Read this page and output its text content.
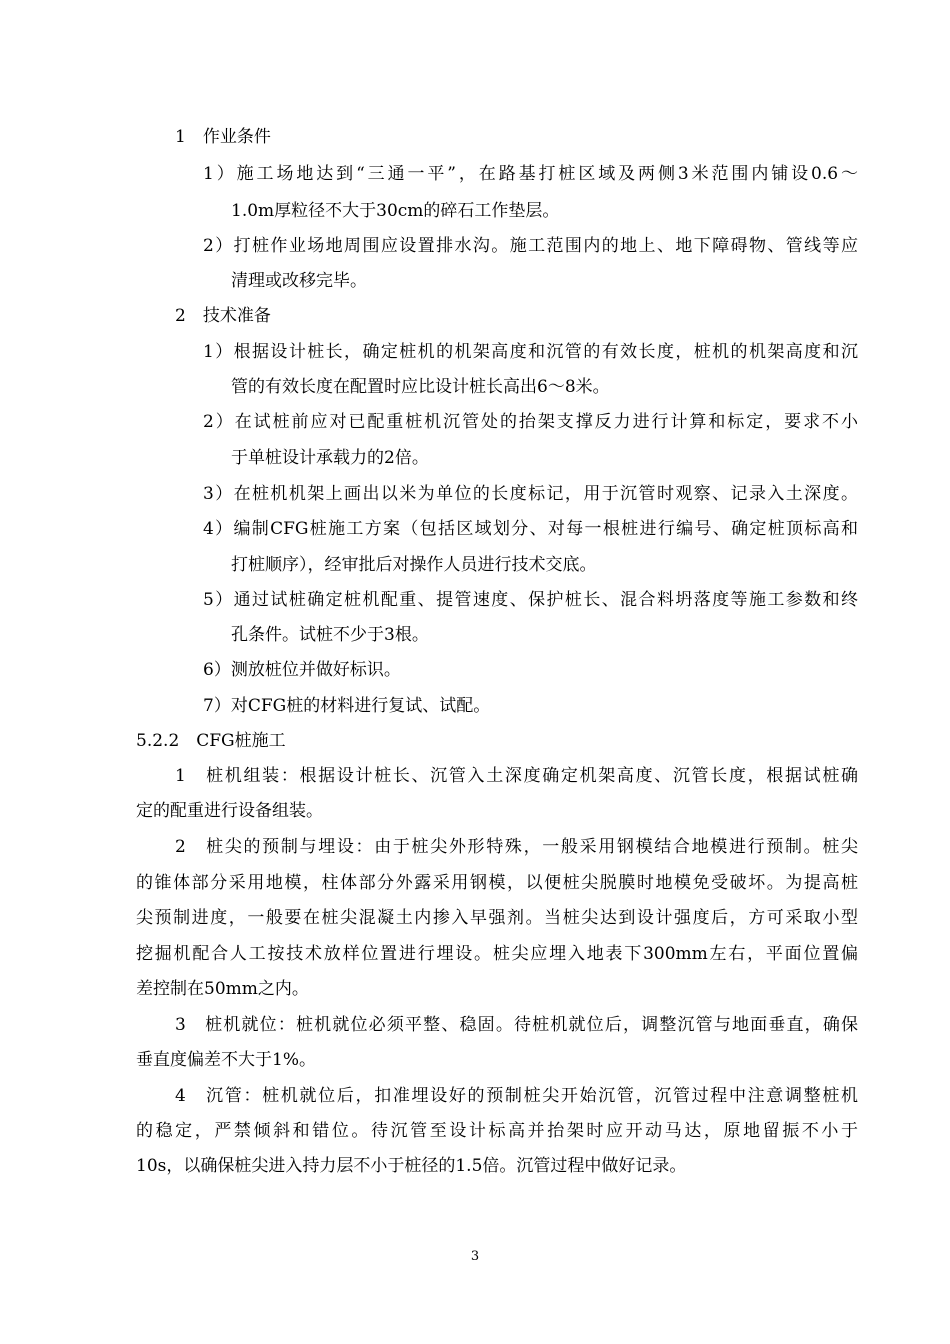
1　作业条件
1）施工场地达到“三通一平”，在路基打桩区域及两侧3米范围内铺设0.6～
1.0m厚粒径不大于30cm的碎石工作垫层。
2）打桩作业场地周围应设置排水沟。施工范围内的地上、地下障碍物、管线等应
清理或改移完毕。
2　技术准备
1）根据设计桩长，确定桩机的机架高度和沉管的有效长度，桩机的机架高度和沉
管的有效长度在配置时应比设计桩长高出6～8米。
2）在试桩前应对已配重桩机沉管处的抬架支撑反力进行计算和标定，要求不小
于单桩设计承载力的2倍。
3）在桩机机架上画出以米为单位的长度标记，用于沉管时观察、记录入土深度。
4）编制CFG桩施工方案（包括区域划分、对每一根桩进行编号、确定桩顶标高和
打桩顺序），经审批后对操作人员进行技术交底。
5）通过试桩确定桩机配重、提管速度、保护桩长、混合料坍落度等施工参数和终
孔条件。试桩不少于3根。
6）测放桩位并做好标识。
7）对CFG桩的材料进行复试、试配。
5.2.2　CFG桩施工
1　桩机组装：根据设计桩长、沉管入土深度确定机架高度、沉管长度，根据试桩确
定的配重进行设备组装。
2　桩尖的预制与埋设：由于桩尖外形特殊，一般采用钢模结合地模进行预制。桩尖
的锥体部分采用地模，柱体部分外露采用钢模，以便桩尖脱膜时地模免受破坏。为提高桩
尖预制进度，一般要在桩尖混凝土内掺入早强剂。当桩尖达到设计强度后，方可采取小型
挖掘机配合人工按技术放样位置进行埋设。桩尖应埋入地表下300mm左右，平面位置偏
差控制在50mm之内。
3　桩机就位：桩机就位必须平整、稳固。待桩机就位后，调整沉管与地面垂直，确保
垂直度偏差不大于1%。
4　沉管：桩机就位后，扣准埋设好的预制桩尖开始沉管，沉管过程中注意调整桩机
的稳定，严禁倾斜和错位。待沉管至设计标高并抬架时应开动马达，原地留振不小于
10s，以确保桩尖进入持力层不小于桩径的1.5倍。沉管过程中做好记录。
3
